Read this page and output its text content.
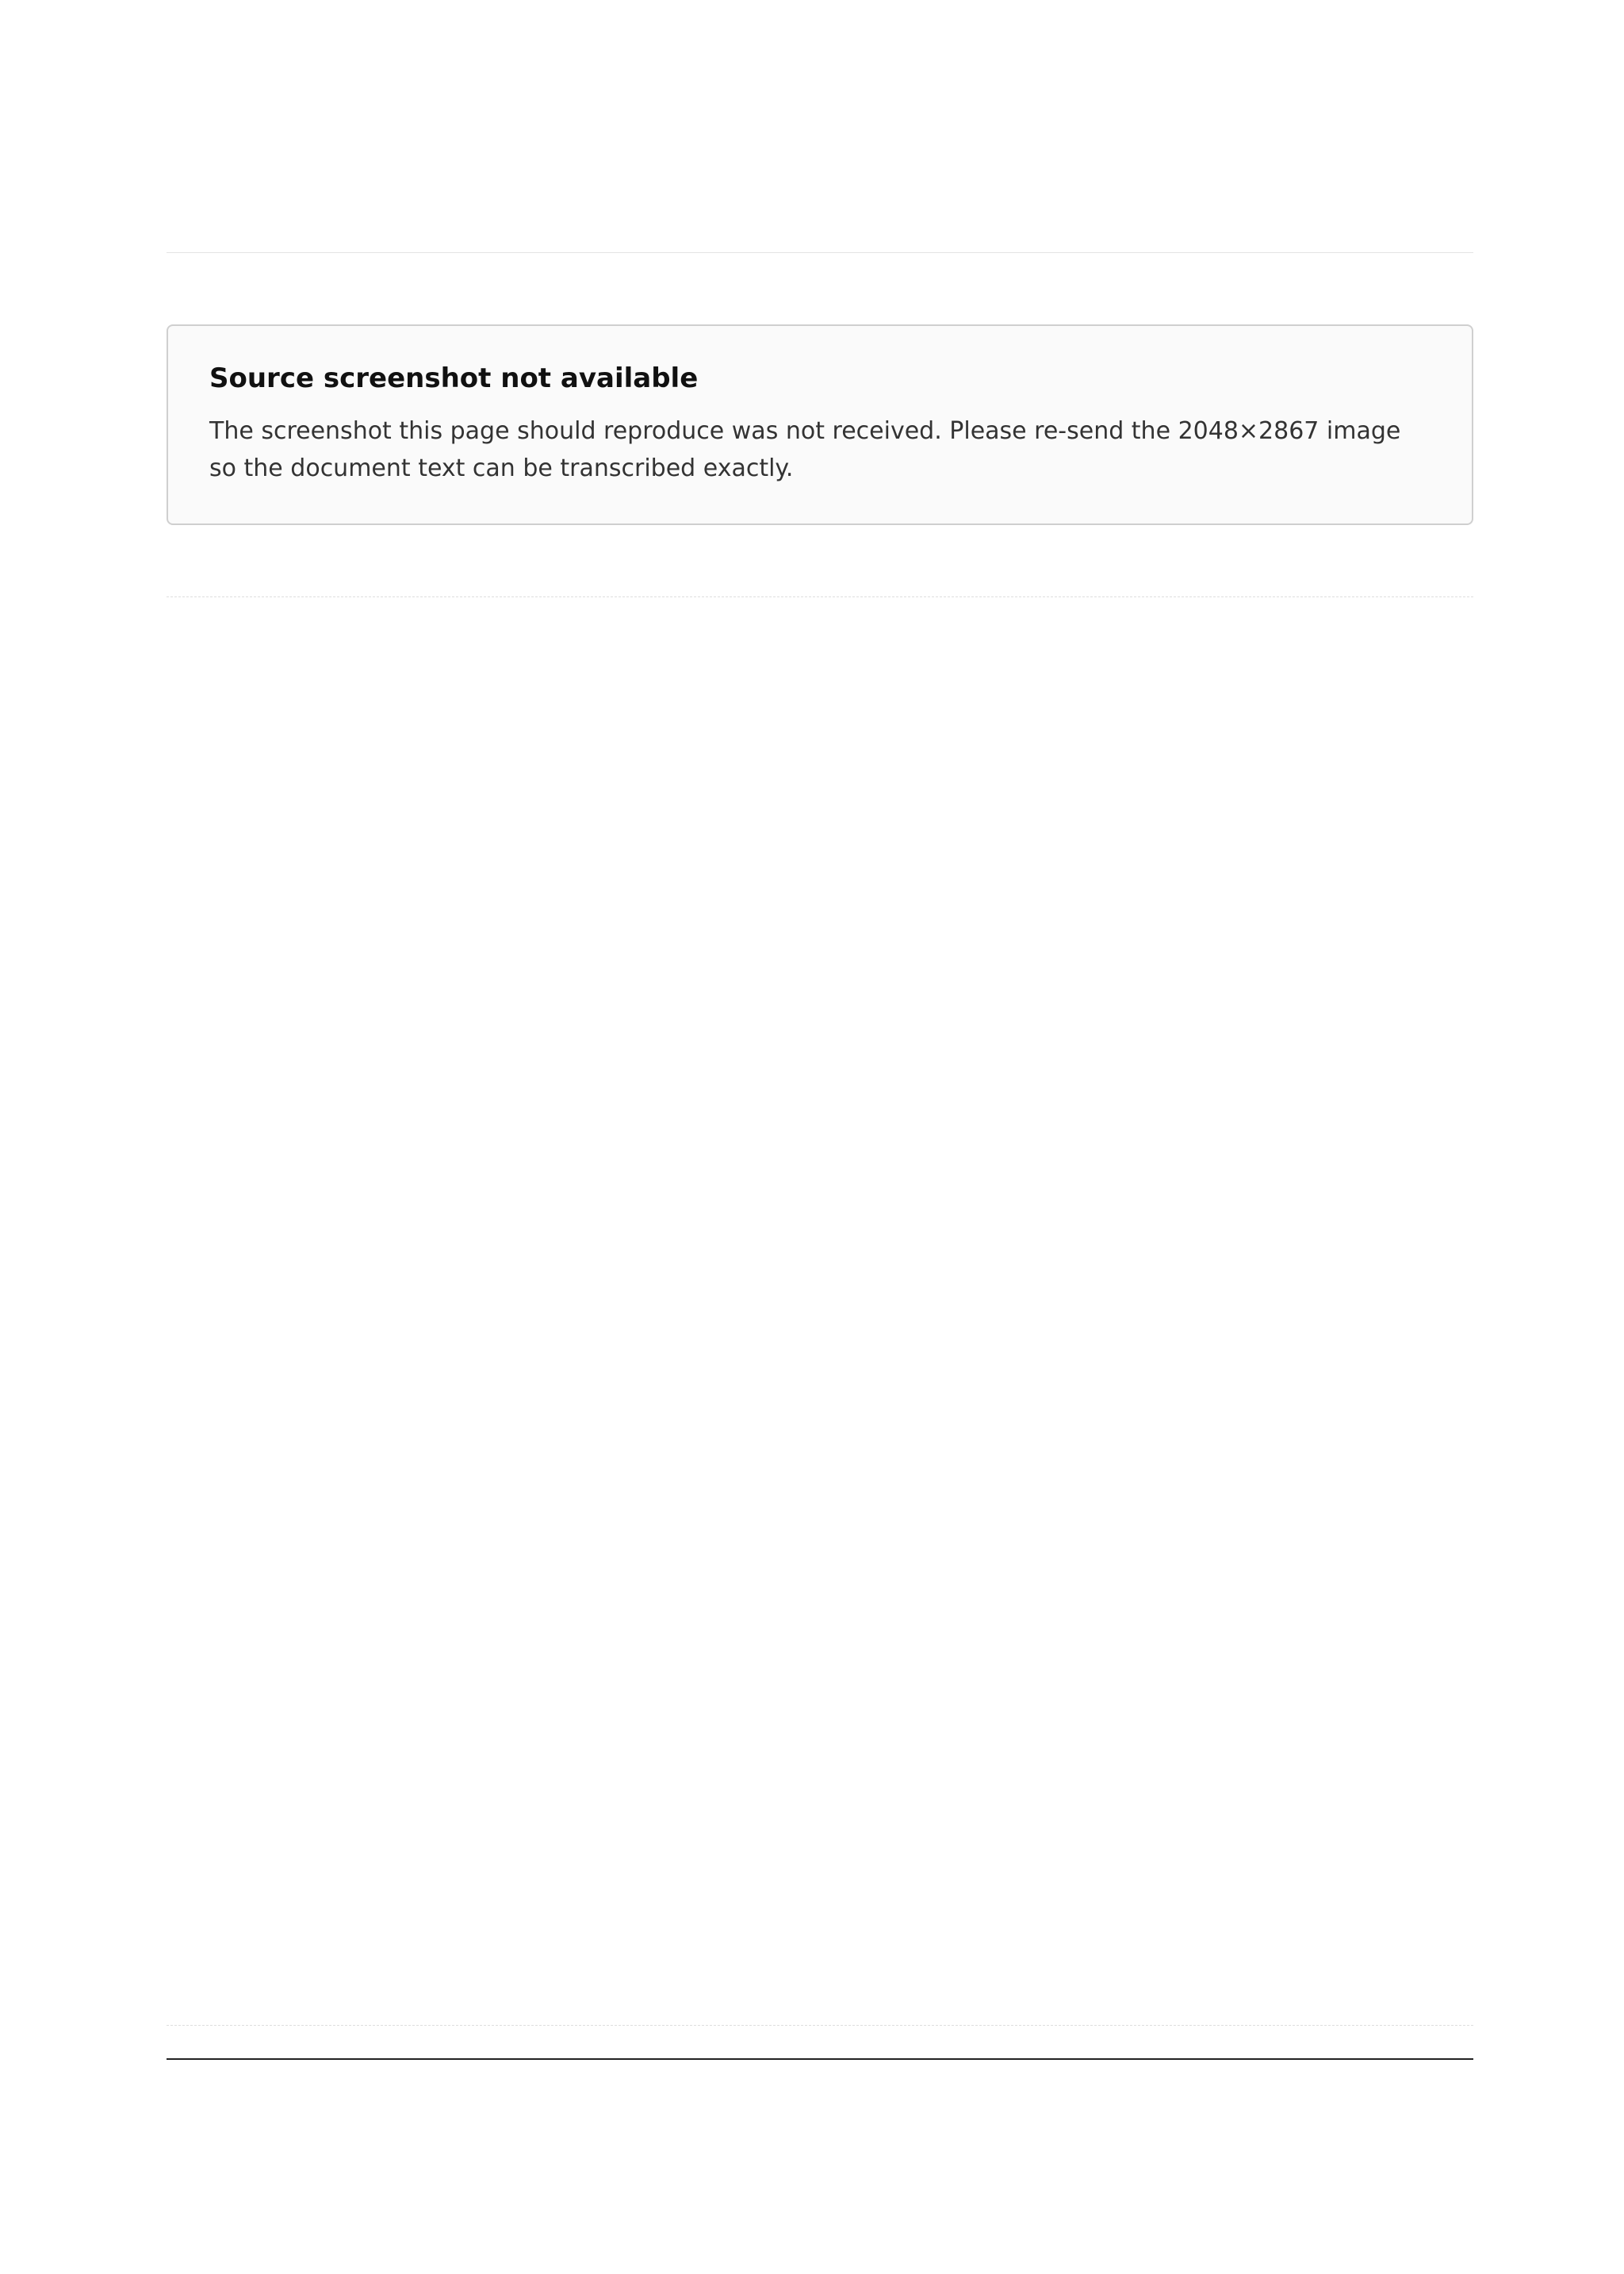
Source screenshot not available

The screenshot this page should reproduce was not received. Please re-send the 2048×2867 image so the document text can be transcribed exactly.
